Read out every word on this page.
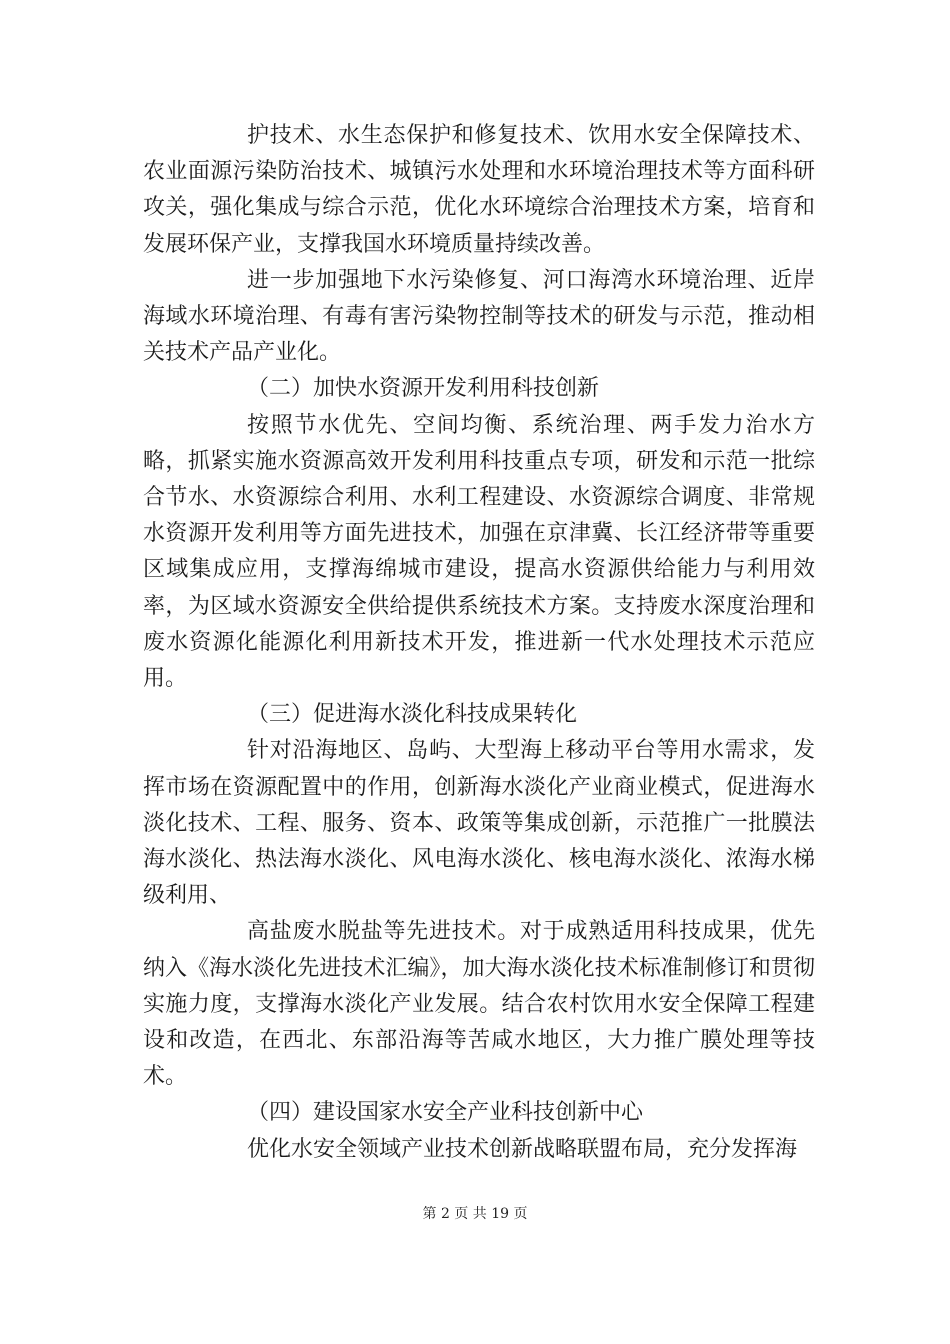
护技术、水生态保护和修复技术、饮用水安全保障技术、农业面源污染防治技术、城镇污水处理和水环境治理技术等方面科研攻关，强化集成与综合示范，优化水环境综合治理技术方案，培育和发展环保产业，支撑我国水环境质量持续改善。

进一步加强地下水污染修复、河口海湾水环境治理、近岸海域水环境治理、有毒有害污染物控制等技术的研发与示范，推动相关技术产品产业化。

（二）加快水资源开发利用科技创新

按照节水优先、空间均衡、系统治理、两手发力治水方略，抓紧实施水资源高效开发利用科技重点专项，研发和示范一批综合节水、水资源综合利用、水利工程建设、水资源综合调度、非常规水资源开发利用等方面先进技术，加强在京津冀、长江经济带等重要区域集成应用，支撑海绵城市建设，提高水资源供给能力与利用效率，为区域水资源安全供给提供系统技术方案。支持废水深度治理和废水资源化能源化利用新技术开发，推进新一代水处理技术示范应用。

（三）促进海水淡化科技成果转化

针对沿海地区、岛屿、大型海上移动平台等用水需求，发挥市场在资源配置中的作用，创新海水淡化产业商业模式，促进海水淡化技术、工程、服务、资本、政策等集成创新，示范推广一批膜法海水淡化、热法海水淡化、风电海水淡化、核电海水淡化、浓海水梯级利用、

高盐废水脱盐等先进技术。对于成熟适用科技成果，优先纳入《海水淡化先进技术汇编》，加大海水淡化技术标准制修订和贯彻实施力度，支撑海水淡化产业发展。结合农村饮用水安全保障工程建设和改造，在西北、东部沿海等苦咸水地区，大力推广膜处理等技术。

（四）建设国家水安全产业科技创新中心

优化水安全领域产业技术创新战略联盟布局，充分发挥海

第 2 页 共 19 页
